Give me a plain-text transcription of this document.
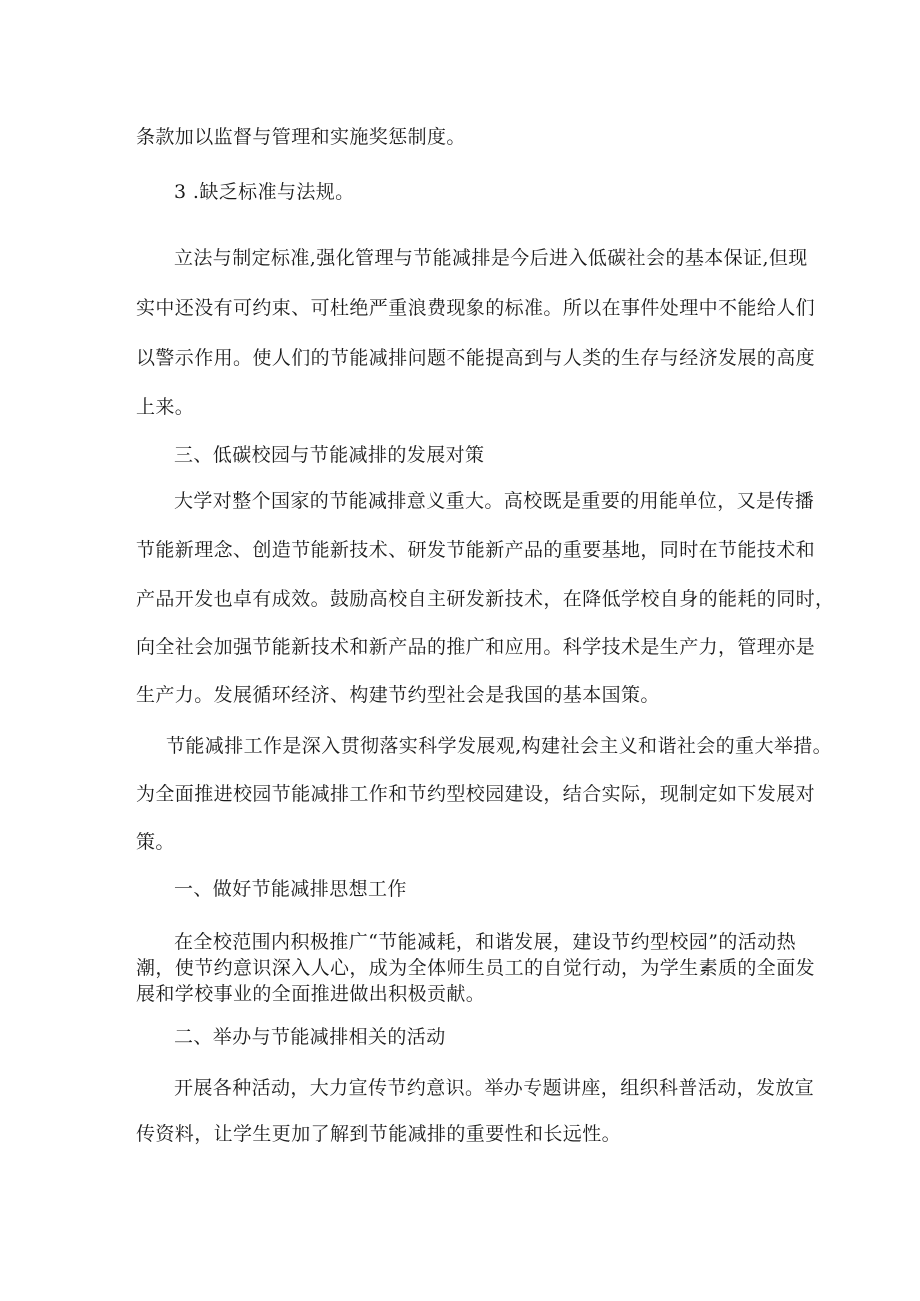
条款加以监督与管理和实施奖惩制度。
3 .缺乏标准与法规。
立法与制定标准,强化管理与节能减排是今后进入低碳社会的基本保证,但现
实中还没有可约束、可杜绝严重浪费现象的标准。所以在事件处理中不能给人们
以警示作用。使人们的节能减排问题不能提高到与人类的生存与经济发展的高度
上来。
三、低碳校园与节能减排的发展对策
大学对整个国家的节能减排意义重大。高校既是重要的用能单位，又是传播
节能新理念、创造节能新技术、研发节能新产品的重要基地，同时在节能技术和
产品开发也卓有成效。鼓励高校自主研发新技术，在降低学校自身的能耗的同时，
向全社会加强节能新技术和新产品的推广和应用。科学技术是生产力，管理亦是
生产力。发展循环经济、构建节约型社会是我国的基本国策。
节能减排工作是深入贯彻落实科学发展观,构建社会主义和谐社会的重大举措。
为全面推进校园节能减排工作和节约型校园建设，结合实际，现制定如下发展对
策。
一、做好节能减排思想工作
在全校范围内积极推广“节能减耗，和谐发展，建设节约型校园”的活动热
潮，使节约意识深入人心，成为全体师生员工的自觉行动，为学生素质的全面发
展和学校事业的全面推进做出积极贡献。
二、举办与节能减排相关的活动
开展各种活动，大力宣传节约意识。举办专题讲座，组织科普活动，发放宣
传资料，让学生更加了解到节能减排的重要性和长远性。
